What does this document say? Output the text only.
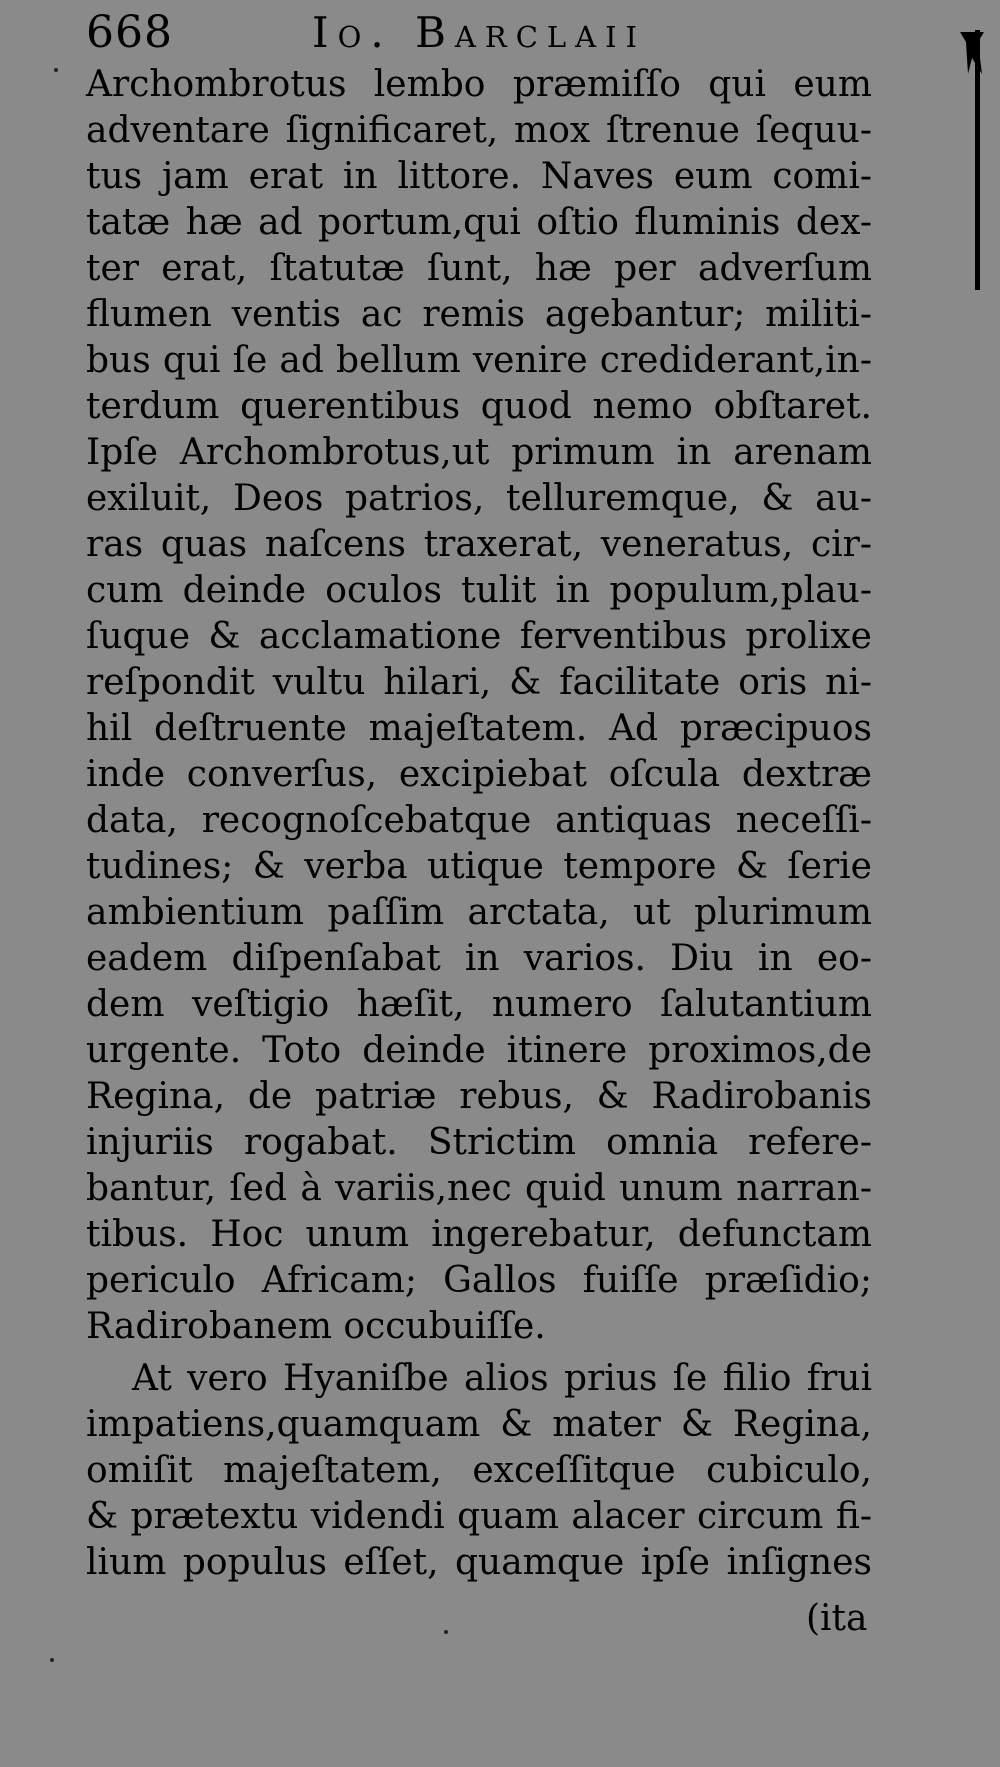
668	Io. Barclaii
Archombrotus lembo præmiſſo qui eum
adventare ſignificaret, mox ſtrenue ſequu-
tus jam erat in littore. Naves eum comi-
tatæ hæ ad portum,qui oſtio fluminis dex-
ter erat, ſtatutæ ſunt, hæ per adverſum
flumen ventis ac remis agebantur; militi-
bus qui ſe ad bellum venire crediderant,in-
terdum querentibus quod nemo obſtaret.
Ipſe Archombrotus,ut primum in arenam
exiluit, Deos patrios, telluremque, & au-
ras quas naſcens traxerat, veneratus, cir-
cum deinde oculos tulit in populum,plau-
ſuque & acclamatione ferventibus prolixe
reſpondit vultu hilari, & facilitate oris ni-
hil deſtruente majeſtatem. Ad præcipuos
inde converſus, excipiebat oſcula dextræ
data, recognoſcebatque antiquas neceſſi-
tudines; & verba utique tempore & ſerie
ambientium paſſim arctata, ut plurimum
eadem diſpenſabat in varios. Diu in eo-
dem veſtigio hæſit, numero ſalutantium
urgente. Toto deinde itinere proximos,de
Regina, de patriæ rebus, & Radirobanis
injuriis rogabat. Strictim omnia refere-
bantur, ſed à variis,nec quid unum narran-
tibus. Hoc unum ingerebatur, defunctam
periculo Africam; Gallos fuiſſe præſidio;
Radirobanem occubuiſſe.
At vero Hyaniſbe alios prius ſe filio frui
impatiens,quamquam & mater & Regina,
omiſit majeſtatem, exceſſitque cubiculo,
& prætextu videndi quam alacer circum fi-
lium populus eſſet, quamque ipſe inſignes
(ita
